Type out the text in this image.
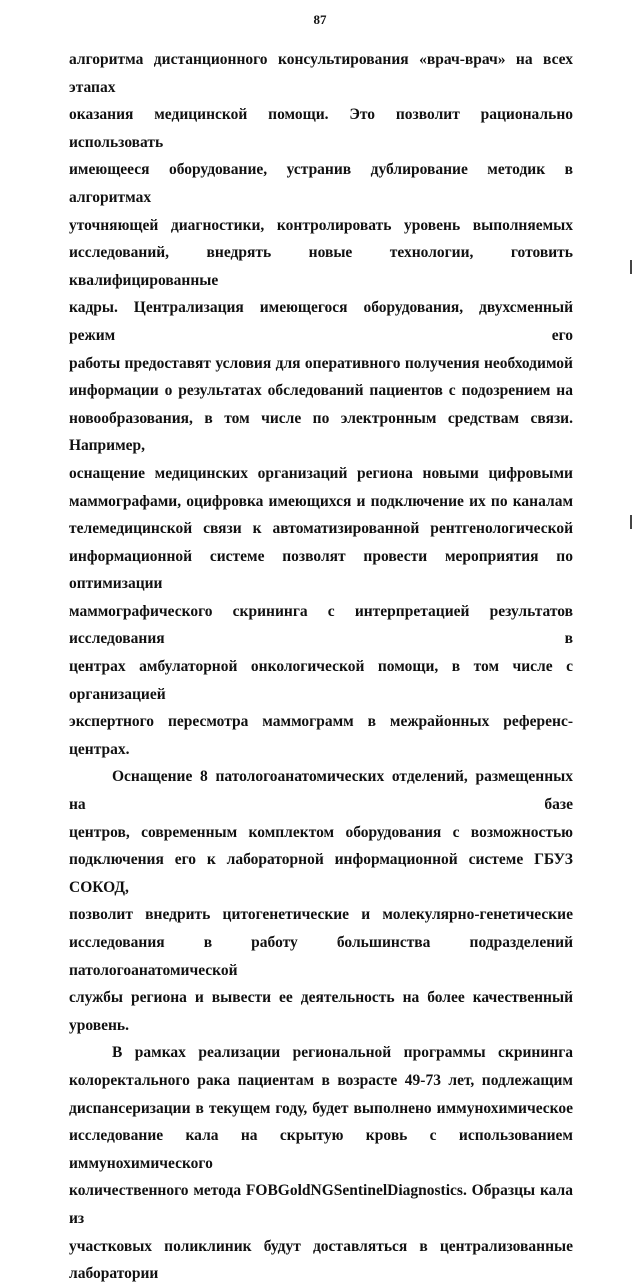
87

алгоритма дистанционного консультирования «врач-врач» на всех этапах

оказания медицинской помощи. Это позволит рационально использовать

имеющееся оборудование, устранив дублирование методик в алгоритмах

уточняющей диагностики, контролировать уровень выполняемых

исследований, внедрять новые технологии, готовить квалифицированные

кадры. Централизация имеющегося оборудования, двухсменный режим его

работы предоставят условия для оперативного получения необходимой

информации о результатах обследований пациентов с подозрением на

новообразования, в том числе по электронным средствам связи. Например,

оснащение медицинских организаций региона новыми цифровыми

маммографами, оцифровка имеющихся и подключение их по каналам

телемедицинской связи к автоматизированной рентгенологической

информационной системе позволят провести мероприятия по оптимизации

маммографического скрининга с интерпретацией результатов исследования в

центрах амбулаторной онкологической помощи, в том числе с организацией

экспертного пересмотра маммограмм в межрайонных референс-центрах.

Оснащение 8 патологоанатомических отделений, размещенных на базе

центров, современным комплектом оборудования с возможностью

подключения его к лабораторной информационной системе ГБУЗ СОКОД,

позволит внедрить цитогенетические и молекулярно-генетические

исследования в работу большинства подразделений патологоанатомической

службы региона и вывести ее деятельность на более качественный уровень.

В рамках реализации региональной программы скрининга

колоректального рака пациентам в возрасте 49-73 лет, подлежащим

диспансеризации в текущем году, будет выполнено иммунохимическое

исследование кала на скрытую кровь с использованием иммунохимического

количественного метода FOBGoldNGSentinelDiagnostics. Образцы кала из

участковых поликлиник будут доставляться в централизованные лаборатории
